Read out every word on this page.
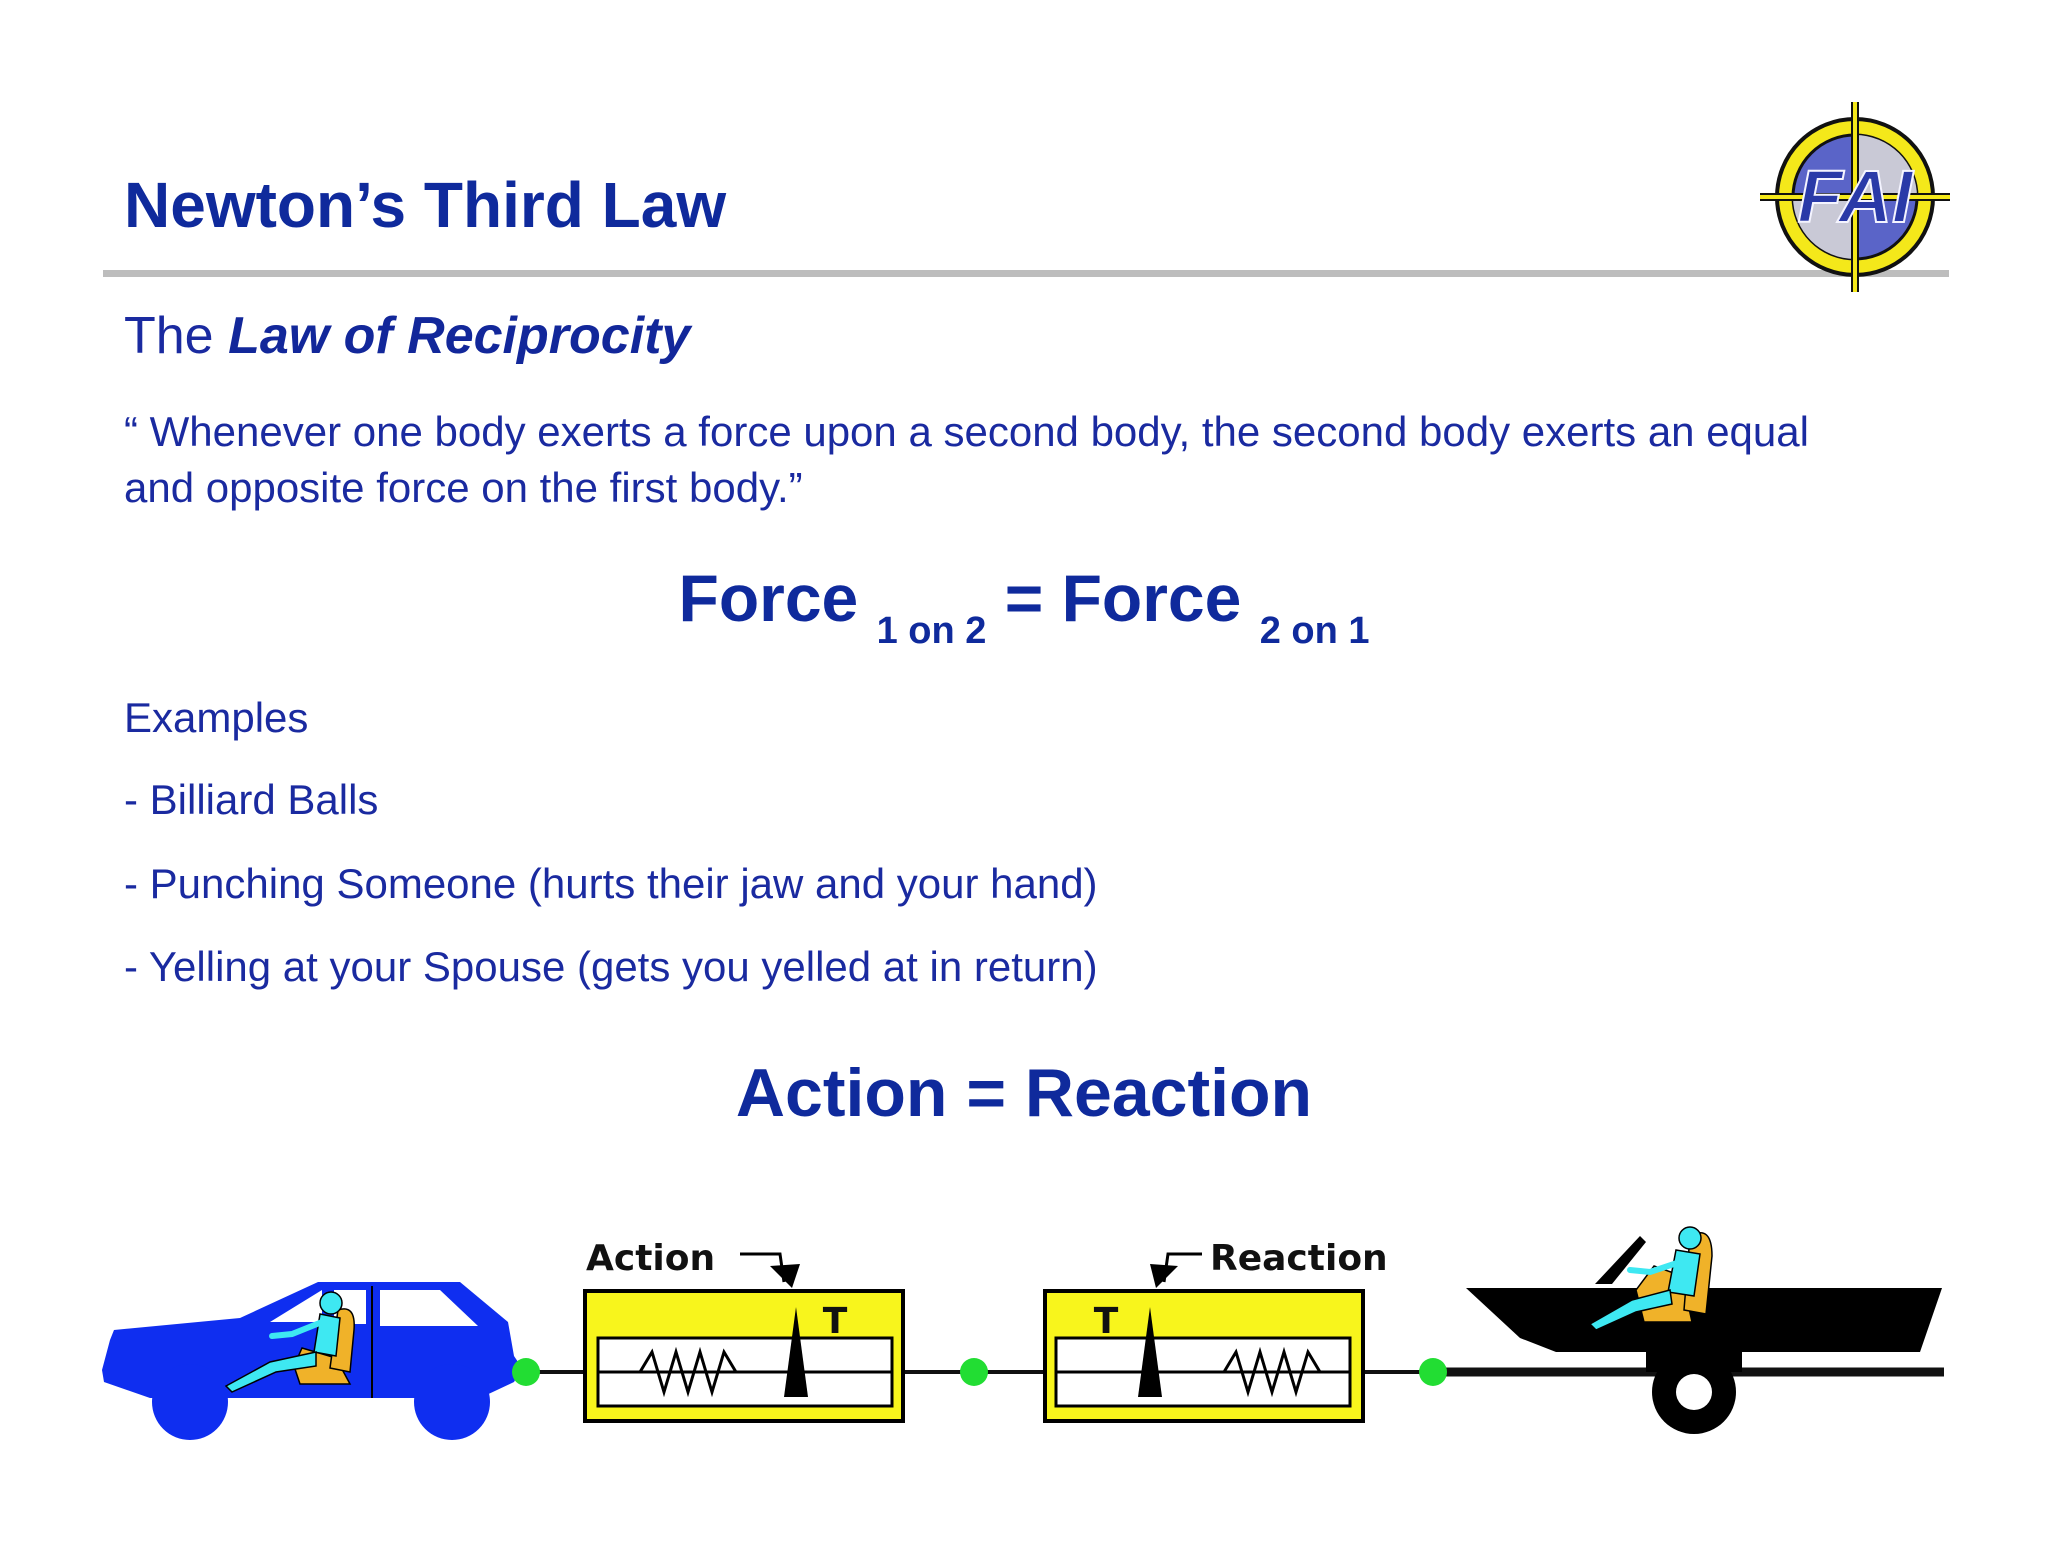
Newton’s Third Law	FAI
The Law of Reciprocity
“ Whenever one body exerts a force upon a second body, the second body exerts an equal and opposite force on the first body.”
Force $_{1 on 2}$ = Force $_{2 on 1}$
Examples
- Billiard Balls
- Punching Someone (hurts their jaw and your hand)
- Yelling at your Spouse (gets you yelled at in return)
Action = Reaction
T
Action
T
Reaction
